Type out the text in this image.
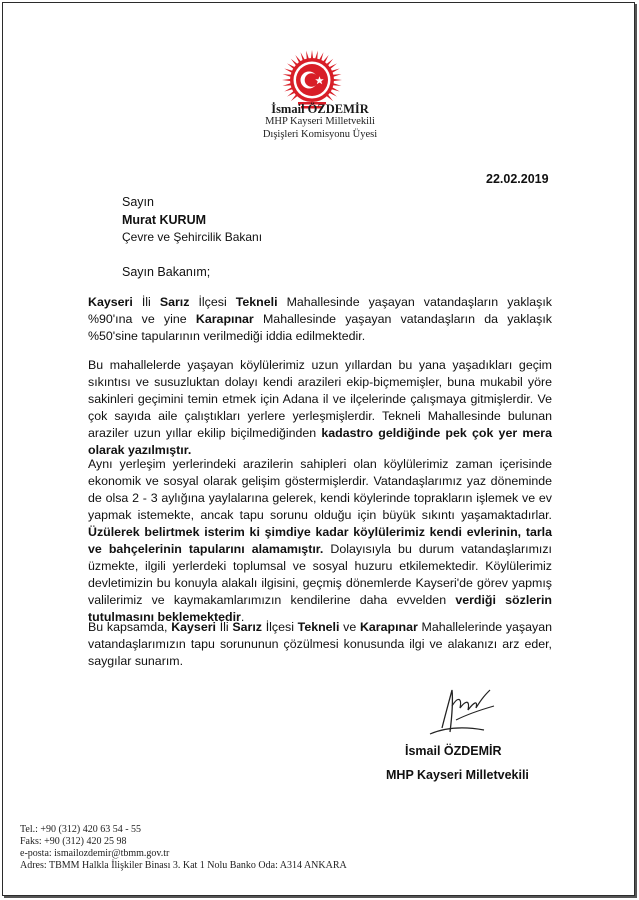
İsmail ÖZDEMİR
MHP Kayseri Milletvekili
Dışişleri Komisyonu Üyesi
22.02.2019
Sayın
Murat KURUM
Çevre ve Şehircilik Bakanı
Sayın Bakanım;
Kayseri İli Sarız İlçesi Tekneli Mahallesinde yaşayan vatandaşların yaklaşık %90'ına ve yine Karapınar Mahallesinde yaşayan vatandaşların da yaklaşık %50'sine tapularının verilmediği iddia edilmektedir.
Bu mahallelerde yaşayan köylülerimiz uzun yıllardan bu yana yaşadıkları geçim sıkıntısı ve susuzluktan dolayı kendi arazileri ekip-biçmemişler, buna mukabil yöre sakinleri geçimini temin etmek için Adana il ve ilçelerinde çalışmaya gitmişlerdir. Ve çok sayıda aile çalıştıkları yerlere yerleşmişlerdir. Tekneli Mahallesinde bulunan araziler uzun yıllar ekilip biçilmediğinden kadastro geldiğinde pek çok yer mera olarak yazılmıştır.
Aynı yerleşim yerlerindeki arazilerin sahipleri olan köylülerimiz zaman içerisinde ekonomik ve sosyal olarak gelişim göstermişlerdir. Vatandaşlarımız yaz döneminde de olsa 2 - 3 aylığına yaylalarına gelerek, kendi köylerinde toprakların işlemek ve ev yapmak istemekte, ancak tapu sorunu olduğu için büyük sıkıntı yaşamaktadırlar. Üzülerek belirtmek isterim ki şimdiye kadar köylülerimiz kendi evlerinin, tarla ve bahçelerinin tapularını alamamıştır. Dolayısıyla bu durum vatandaşlarımızı üzmekte, ilgili yerlerdeki toplumsal ve sosyal huzuru etkilemektedir. Köylülerimiz devletimizin bu konuyla alakalı ilgisini, geçmiş dönemlerde Kayseri'de görev yapmış valilerimiz ve kaymakamlarımızın kendilerine daha evvelden verdiği sözlerin tutulmasını beklemektedir.
Bu kapsamda, Kayseri İli Sarız İlçesi Tekneli ve Karapınar Mahallelerinde yaşayan vatandaşlarımızın tapu sorununun çözülmesi konusunda ilgi ve alakanızı arz eder, saygılar sunarım.
İsmail ÖZDEMİR
MHP Kayseri Milletvekili
Tel.: +90 (312) 420 63 54 - 55
Faks: +90 (312) 420 25 98
e-posta: ismailozdemir@tbmm.gov.tr
Adres: TBMM Halkla İlişkiler Binası 3. Kat 1 Nolu Banko Oda: A314 ANKARA
